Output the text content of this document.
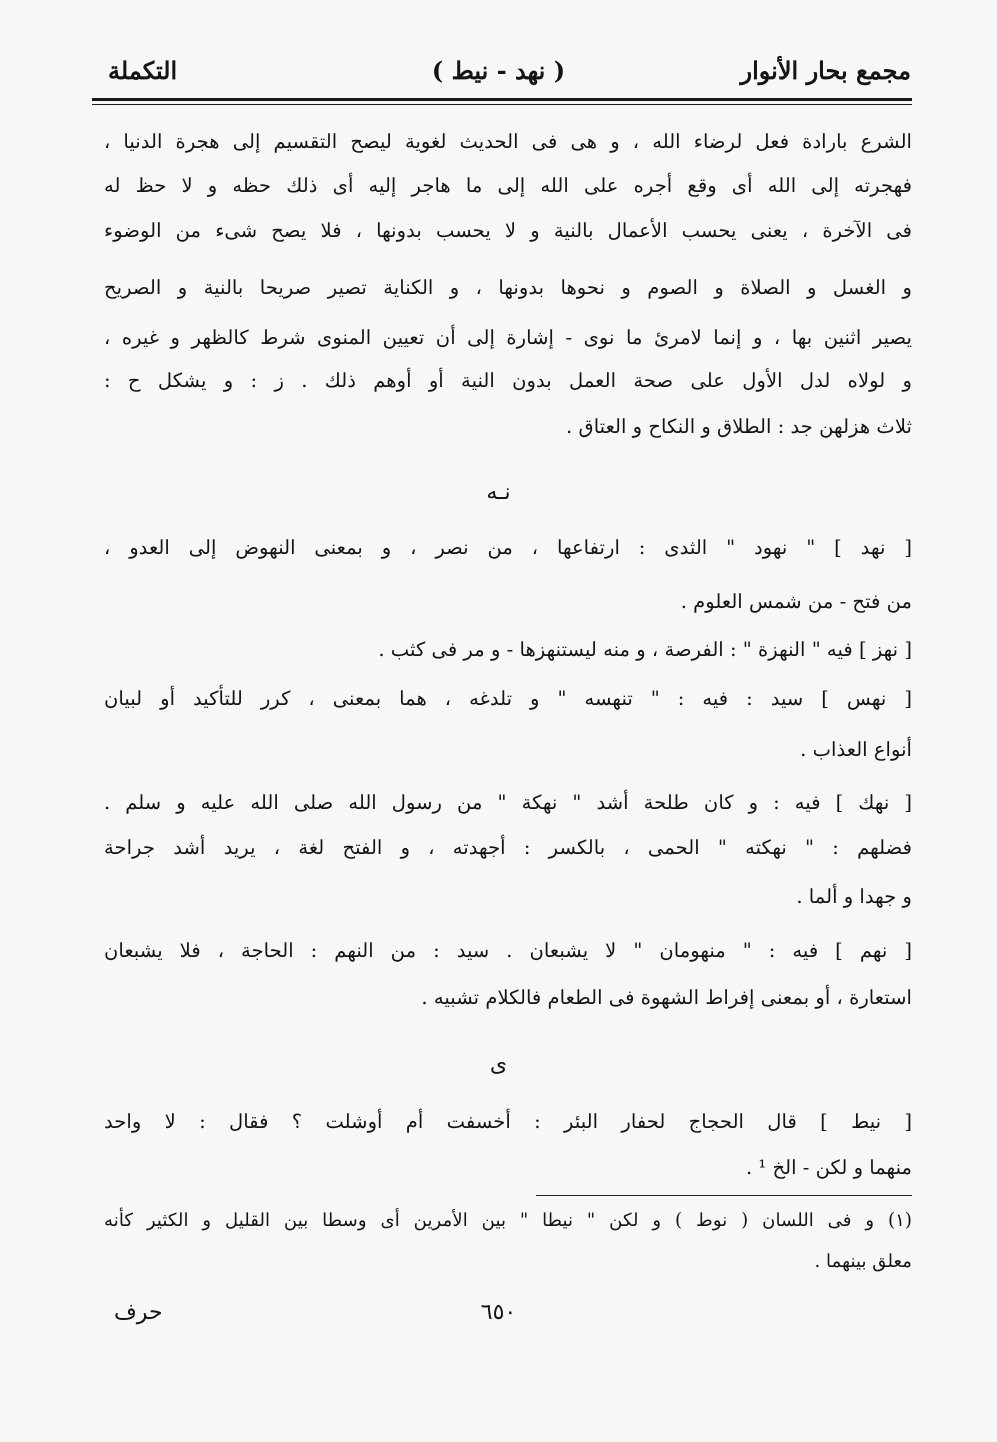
مجمع بحار الأنوار
( نهد - نيط )
التكملة
الشرع بارادة فعل لرضاء الله ، و هى فى الحديث لغوية ليصح التقسيم إلى هجرة الدنيا ،
فهجرته إلى الله أى وقع أجره على الله إلى ما هاجر إليه أى ذلك حظه و لا حظ له
فى الآخرة ، يعنى يحسب الأعمال بالنية و لا يحسب بدونها ، فلا يصح شىء من الوضوء
و الغسل و الصلاة و الصوم و نحوها بدونها ، و الكناية تصير صريحا بالنية و الصريح
يصير اثنين بها ، و إنما لامرئ ما نوى - إشارة إلى أن تعيين المنوى شرط كالظهر و غيره ،
و لولاه لدل الأول على صحة العمل بدون النية أو أوهم ذلك . ز : و يشكل ح :
ثلاث هزلهن جد : الطلاق و النكاح و العتاق .
نـه
[ نهد ] " نهود " الثدى : ارتفاعها ، من نصر ، و بمعنى النهوض إلى العدو ،
من فتح - من شمس العلوم .
[ نهز ] فيه " النهزة " : الفرصة ، و منه ليستنهزها - و مر فى كثب .
[ نهس ] سيد : فيه : " تنهسه " و تلدغه ، هما بمعنى ، كرر للتأكيد أو لبيان
أنواع العذاب .
[ نهك ] فيه : و كان طلحة أشد " نهكة " من رسول الله صلى الله عليه و سلم .
فضلهم : " نهكته " الحمى ، بالكسر : أجهدته ، و الفتح لغة ، يريد أشد جراحة
و جهدا و ألما .
[ نهم ] فيه : " منهومان " لا يشبعان . سيد : من النهم : الحاجة ، فلا يشبعان
استعارة ، أو بمعنى إفراط الشهوة فى الطعام فالكلام تشبيه .
ى
[ نيط ] قال الحجاج لحفار البئر : أخسفت أم أوشلت ؟ فقال : لا واحد
منهما و لكن - الخ ¹ .
(١) و فى اللسان ( نوط ) و لكن " نيطا " بين الأمرين أى وسطا بين القليل و الكثير كأنه
معلق بينهما .
٦٥٠
حرف
